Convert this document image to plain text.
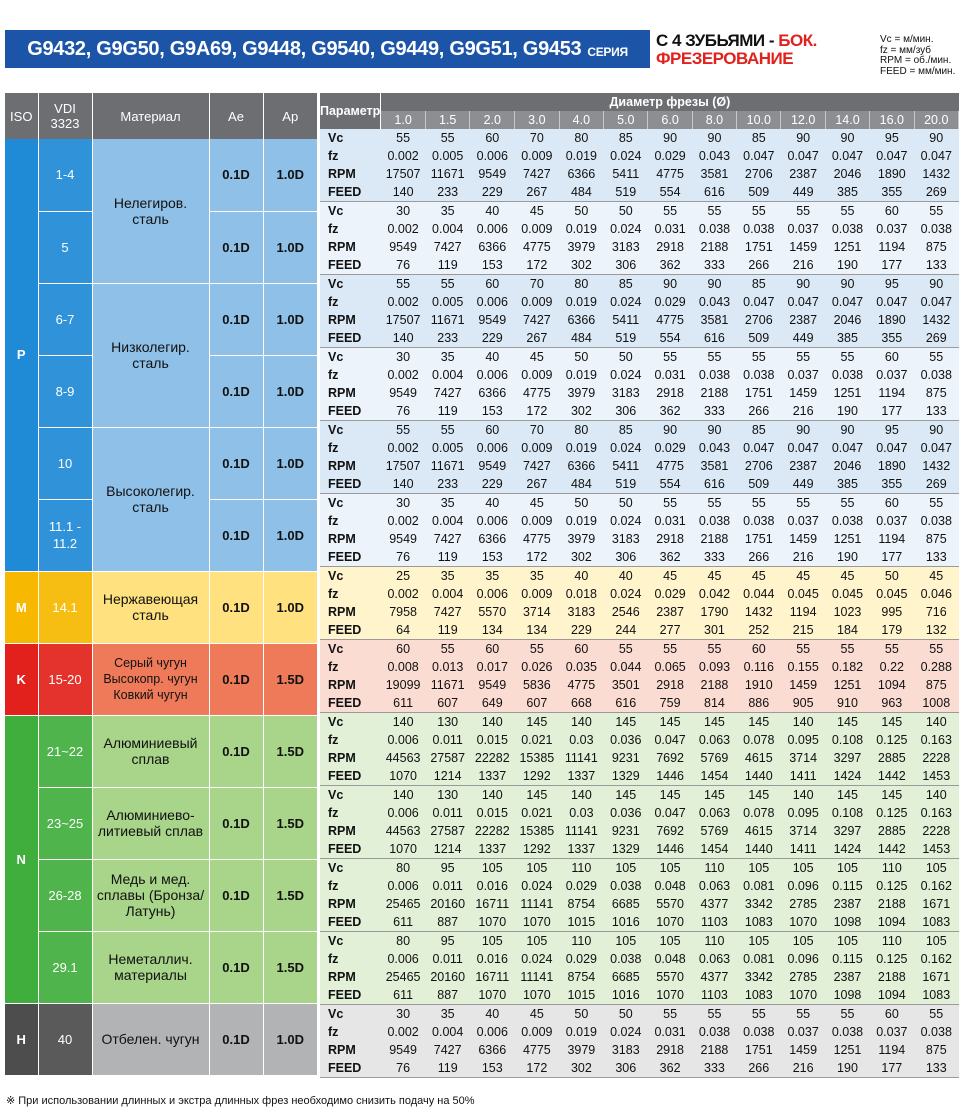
G9432, G9G50, G9A69, G9448, G9540, G9449, G9G51, G9453 СЕРИЯ
С 4 ЗУБЬЯМИ - БОК.
ФРЕЗЕРОВАНИЕ
Vc = м/мин.
fz = мм/зуб
RPM = об./мин.
FEED = мм/мин.
ISO	VDI 3323	Материал	Ae	Ap
P	1-4	Нелегиров. сталь	0.1D	1.0D
	5		0.1D	1.0D
	6-7	Низколегир. сталь	0.1D	1.0D
	8-9		0.1D	1.0D
	10	Высоколегир. сталь	0.1D	1.0D
	11.1 - 11.2		0.1D	1.0D
M	14.1	Нержавеющая сталь	0.1D	1.0D
K	15-20	Серый чугун Высокопр. чугун Ковкий чугун	0.1D	1.5D
N	21~22	Алюминиевый сплав	0.1D	1.5D
	23~25	Алюминиево-литиевый сплав	0.1D	1.5D
	26-28	Медь и мед. сплавы (Бронза/ Латунь)	0.1D	1.5D
	29.1	Неметаллич. материалы	0.1D	1.5D
H	40	Отбелен. чугун	0.1D	1.0D
Параметр	Диаметр фрезы (Ø)												
	1.0	1.5	2.0	3.0	4.0	5.0	6.0	8.0	10.0	12.0	14.0	16.0	20.0
Vc	55	55	60	70	80	85	90	90	85	90	90	95	90
fz	0.002	0.005	0.006	0.009	0.019	0.024	0.029	0.043	0.047	0.047	0.047	0.047	0.047
RPM	17507	11671	9549	7427	6366	5411	4775	3581	2706	2387	2046	1890	1432
FEED	140	233	229	267	484	519	554	616	509	449	385	355	269
Vc	30	35	40	45	50	50	55	55	55	55	55	60	55
fz	0.002	0.004	0.006	0.009	0.019	0.024	0.031	0.038	0.038	0.037	0.038	0.037	0.038
RPM	9549	7427	6366	4775	3979	3183	2918	2188	1751	1459	1251	1194	875
FEED	76	119	153	172	302	306	362	333	266	216	190	177	133
Vc	55	55	60	70	80	85	90	90	85	90	90	95	90
fz	0.002	0.005	0.006	0.009	0.019	0.024	0.029	0.043	0.047	0.047	0.047	0.047	0.047
RPM	17507	11671	9549	7427	6366	5411	4775	3581	2706	2387	2046	1890	1432
FEED	140	233	229	267	484	519	554	616	509	449	385	355	269
Vc	30	35	40	45	50	50	55	55	55	55	55	60	55
fz	0.002	0.004	0.006	0.009	0.019	0.024	0.031	0.038	0.038	0.037	0.038	0.037	0.038
RPM	9549	7427	6366	4775	3979	3183	2918	2188	1751	1459	1251	1194	875
FEED	76	119	153	172	302	306	362	333	266	216	190	177	133
Vc	55	55	60	70	80	85	90	90	85	90	90	95	90
fz	0.002	0.005	0.006	0.009	0.019	0.024	0.029	0.043	0.047	0.047	0.047	0.047	0.047
RPM	17507	11671	9549	7427	6366	5411	4775	3581	2706	2387	2046	1890	1432
FEED	140	233	229	267	484	519	554	616	509	449	385	355	269
Vc	30	35	40	45	50	50	55	55	55	55	55	60	55
fz	0.002	0.004	0.006	0.009	0.019	0.024	0.031	0.038	0.038	0.037	0.038	0.037	0.038
RPM	9549	7427	6366	4775	3979	3183	2918	2188	1751	1459	1251	1194	875
FEED	76	119	153	172	302	306	362	333	266	216	190	177	133
Vc	25	35	35	35	40	40	45	45	45	45	45	50	45
fz	0.002	0.004	0.006	0.009	0.018	0.024	0.029	0.042	0.044	0.045	0.045	0.045	0.046
RPM	7958	7427	5570	3714	3183	2546	2387	1790	1432	1194	1023	995	716
FEED	64	119	134	134	229	244	277	301	252	215	184	179	132
Vc	60	55	60	55	60	55	55	55	60	55	55	55	55
fz	0.008	0.013	0.017	0.026	0.035	0.044	0.065	0.093	0.116	0.155	0.182	0.22	0.288
RPM	19099	11671	9549	5836	4775	3501	2918	2188	1910	1459	1251	1094	875
FEED	611	607	649	607	668	616	759	814	886	905	910	963	1008
Vc	140	130	140	145	140	145	145	145	145	140	145	145	140
fz	0.006	0.011	0.015	0.021	0.03	0.036	0.047	0.063	0.078	0.095	0.108	0.125	0.163
RPM	44563	27587	22282	15385	11141	9231	7692	5769	4615	3714	3297	2885	2228
FEED	1070	1214	1337	1292	1337	1329	1446	1454	1440	1411	1424	1442	1453
Vc	140	130	140	145	140	145	145	145	145	140	145	145	140
fz	0.006	0.011	0.015	0.021	0.03	0.036	0.047	0.063	0.078	0.095	0.108	0.125	0.163
RPM	44563	27587	22282	15385	11141	9231	7692	5769	4615	3714	3297	2885	2228
FEED	1070	1214	1337	1292	1337	1329	1446	1454	1440	1411	1424	1442	1453
Vc	80	95	105	105	110	105	105	110	105	105	105	110	105
fz	0.006	0.011	0.016	0.024	0.029	0.038	0.048	0.063	0.081	0.096	0.115	0.125	0.162
RPM	25465	20160	16711	11141	8754	6685	5570	4377	3342	2785	2387	2188	1671
FEED	611	887	1070	1070	1015	1016	1070	1103	1083	1070	1098	1094	1083
Vc	80	95	105	105	110	105	105	110	105	105	105	110	105
fz	0.006	0.011	0.016	0.024	0.029	0.038	0.048	0.063	0.081	0.096	0.115	0.125	0.162
RPM	25465	20160	16711	11141	8754	6685	5570	4377	3342	2785	2387	2188	1671
FEED	611	887	1070	1070	1015	1016	1070	1103	1083	1070	1098	1094	1083
Vc	30	35	40	45	50	50	55	55	55	55	55	60	55
fz	0.002	0.004	0.006	0.009	0.019	0.024	0.031	0.038	0.038	0.037	0.038	0.037	0.038
RPM	9549	7427	6366	4775	3979	3183	2918	2188	1751	1459	1251	1194	875
FEED	76	119	153	172	302	306	362	333	266	216	190	177	133
※ При использовании длинных и экстра длинных фрез необходимо снизить подачу на 50%
